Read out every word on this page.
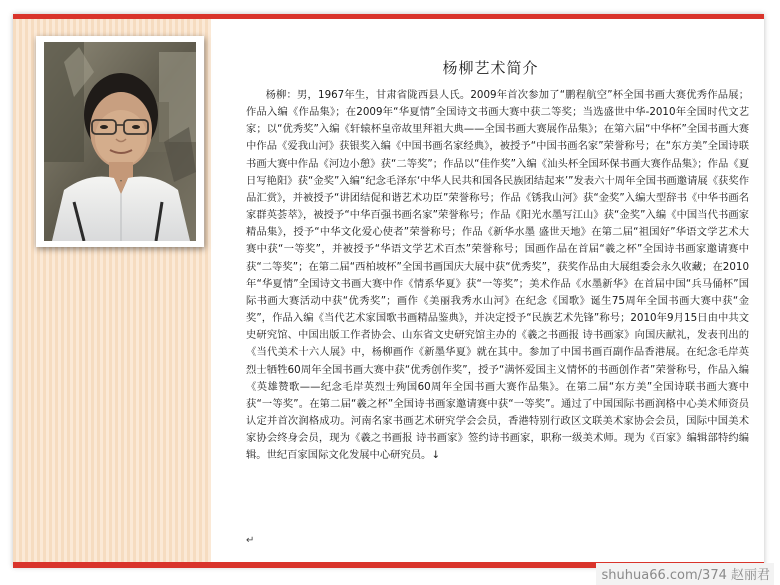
杨柳艺术简介

杨柳：男，1967年生，甘肃省陇西县人氏。2009年首次参加了“鹏程航空”杯全国书画大赛优秀作品展；作品入编《作品集》；在2009年“华夏情”全国诗文书画大赛中获二等奖；当选盛世中华-2010年全国时代文艺家；以“优秀奖”入编《轩辕杯皇帝故里拜祖大典——全国书画大赛展作品集》；在第六届“中华杯”全国书画大赛中作品《爱我山河》获银奖入编《中国书画名家经典》，被授予“中国书画名家”荣誉称号；在“东方美”全国诗联书画大赛中作品《河边小憩》获“二等奖”；作品以“佳作奖”入编《汕头杯全国环保书画大赛作品集》；作品《夏日写艳阳》获“金奖”入编“纪念毛泽东‘中华人民共和国各民族团结起来’”发表六十周年全国书画邀请展《获奖作品汇赏》，并被授予“讲团结促和谐艺术功臣”荣誉称号；作品《锈我山河》获“金奖”入编大型辞书《中华书画名家群英荟萃》，被授予“中华百强书画名家”荣誉称号；作品《阳光水墨写江山》获“金奖”入编《中国当代书画家精品集》，授予“中华文化爱心使者”荣誉称号；作品《新华水墨 盛世天地》在第二届“祖国好”华语文学艺术大赛中获“一等奖”，并被授予“华语文学艺术百杰”荣誉称号；国画作品在首届“羲之杯”全国诗书画家邀请赛中获“二等奖”；在第二届“西柏坡杯”全国书画国庆大展中获“优秀奖”，获奖作品由大展组委会永久收藏；在2010年“华夏情”全国诗文书画大赛中作《情系华夏》获“一等奖”；美术作品《水墨新华》在首届中国“兵马俑杯”国际书画大赛活动中获“优秀奖”；画作《美丽我秀水山河》在纪念《国歌》诞生75周年全国书画大赛中获“金奖”，作品入编《当代艺术家国歌书画精品鉴典》，并决定授予“民族艺术先锋”称号；2010年9月15日由中共文史研究馆、中国出版工作者协会、山东省文史研究馆主办的《羲之书画报 诗书画家》向国庆献礼，发表刊出的《当代美术十六人展》中，杨柳画作《新墨华夏》就在其中。参加了中国书画百副作品香港展。在纪念毛岸英烈士牺牲60周年全国书画大赛中获“优秀创作奖”，授予“满怀爱国主义情怀的书画创作者”荣誉称号，作品入编《英雄赞歌——纪念毛岸英烈士殉国60周年全国书画大赛作品集》。在第二届“东方美”全国诗联书画大赛中获“一等奖”。在第二届“羲之杯”全国诗书画家邀请赛中获“一等奖”。通过了中国国际书画润格中心美术师资员认定并首次润格成功。河南名家书画艺术研究学会会员，香港特别行政区文联美术家协会会员，国际中国美术家协会终身会员，现为《羲之书画报 诗书画家》签约诗书画家，职称一级美术师。现为《百家》编辑部特约编辑。世纪百家国际文化发展中心研究员。↓

↵
shuhua66.com/374 赵丽君
